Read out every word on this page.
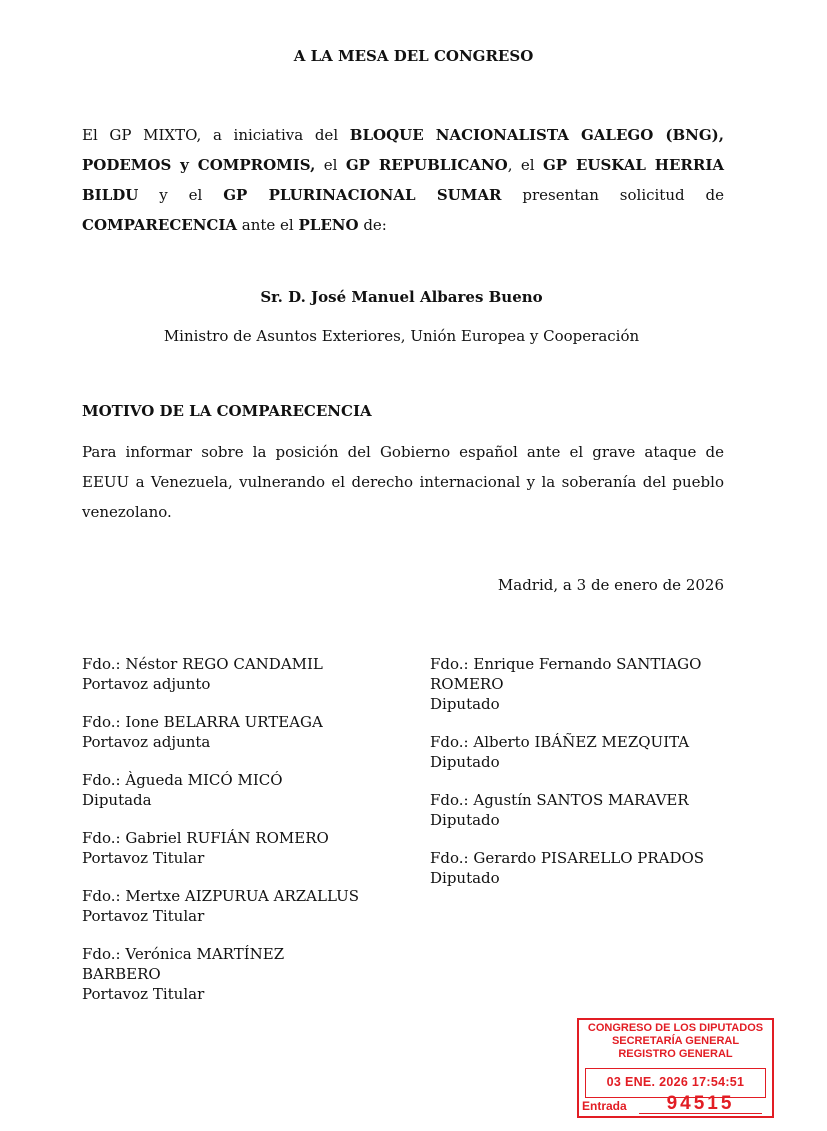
A LA MESA DEL CONGRESO
El GP MIXTO, a iniciativa del BLOQUE NACIONALISTA GALEGO (BNG), PODEMOS y COMPROMIS, el GP REPUBLICANO, el GP EUSKAL HERRIA BILDU y el GP PLURINACIONAL SUMAR presentan solicitud de COMPARECENCIA ante el PLENO de:
Sr. D. José Manuel Albares Bueno
Ministro de Asuntos Exteriores, Unión Europea y Cooperación
MOTIVO DE LA COMPARECENCIA
Para informar sobre la posición del Gobierno español ante el grave ataque de EEUU a Venezuela, vulnerando el derecho internacional y la soberanía del pueblo venezolano.
Madrid, a 3 de enero de 2026
Fdo.: Néstor REGO CANDAMIL
Portavoz adjunto
Fdo.: Ione BELARRA URTEAGA
Portavoz adjunta
Fdo.: Àgueda MICÓ MICÓ
Diputada
Fdo.: Gabriel RUFIÁN ROMERO
Portavoz Titular
Fdo.: Mertxe AIZPURUA ARZALLUS
Portavoz Titular
Fdo.: Verónica MARTÍNEZ BARBERO
Portavoz Titular
Fdo.: Enrique Fernando SANTIAGO ROMERO
Diputado
Fdo.: Alberto IBÁÑEZ MEZQUITA
Diputado
Fdo.: Agustín SANTOS MARAVER
Diputado
Fdo.: Gerardo PISARELLO PRADOS
Diputado
CONGRESO DE LOS DIPUTADOS
SECRETARÍA GENERAL
REGISTRO GENERAL
03 ENE. 2026 17:54:51
Entrada	94515
